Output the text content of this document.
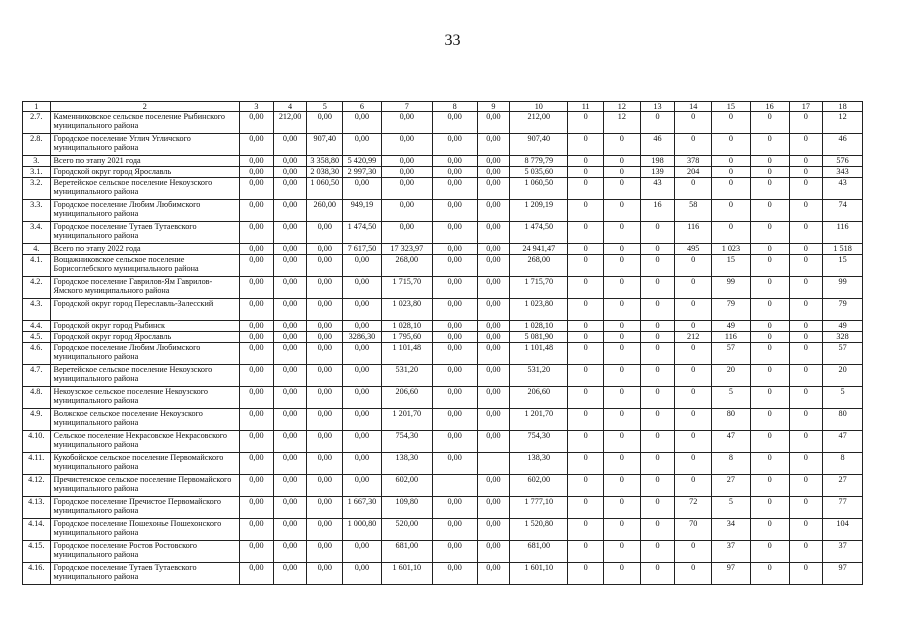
33
1	2	3	4	5	6	7	8	9	10	11	12	13	14	15	16	17	18
2.7.	Каменниковское сельское поселение Рыбинского муниципального района	0,00	212,00	0,00	0,00	0,00	0,00	0,00	212,00	0	12	0	0	0	0	0	12
2.8.	Городское поселение Углич Угличского муниципального района	0,00	0,00	907,40	0,00	0,00	0,00	0,00	907,40	0	0	46	0	0	0	0	46
3.	Всего по этапу 2021 года	0,00	0,00	3 358,80	5 420,99	0,00	0,00	0,00	8 779,79	0	0	198	378	0	0	0	576
3.1.	Городской округ город Ярославль	0,00	0,00	2 038,30	2 997,30	0,00	0,00	0,00	5 035,60	0	0	139	204	0	0	0	343
3.2.	Веретейское сельское поселение Некоузского муниципального района	0,00	0,00	1 060,50	0,00	0,00	0,00	0,00	1 060,50	0	0	43	0	0	0	0	43
3.3.	Городское поселение Любим Любимского муниципального района	0,00	0,00	260,00	949,19	0,00	0,00	0,00	1 209,19	0	0	16	58	0	0	0	74
3.4.	Городское поселение Тутаев Тутаевского муниципального района	0,00	0,00	0,00	1 474,50	0,00	0,00	0,00	1 474,50	0	0	0	116	0	0	0	116
4.	Всего по этапу 2022 года	0,00	0,00	0,00	7 617,50	17 323,97	0,00	0,00	24 941,47	0	0	0	495	1 023	0	0	1 518
4.1.	Вощажниковское сельское поселение Борисоглебского муниципального района	0,00	0,00	0,00	0,00	268,00	0,00	0,00	268,00	0	0	0	0	15	0	0	15
4.2.	Городское поселение Гаврилов-Ям Гаврилов-Ямского муниципального района	0,00	0,00	0,00	0,00	1 715,70	0,00	0,00	1 715,70	0	0	0	0	99	0	0	99
4.3.	Городской округ город Переславль-Залесский	0,00	0,00	0,00	0,00	1 023,80	0,00	0,00	1 023,80	0	0	0	0	79	0	0	79
4.4.	Городской округ город Рыбинск	0,00	0,00	0,00	0,00	1 028,10	0,00	0,00	1 028,10	0	0	0	0	49	0	0	49
4.5.	Городской округ город Ярославль	0,00	0,00	0,00	3286,30	1 795,60	0,00	0,00	5 081,90	0	0	0	212	116	0	0	328
4.6.	Городское поселение Любим Любимского муниципального района	0,00	0,00	0,00	0,00	1 101,48	0,00	0,00	1 101,48	0	0	0	0	57	0	0	57
4.7.	Веретейское сельское поселение Некоузского муниципального района	0,00	0,00	0,00	0,00	531,20	0,00	0,00	531,20	0	0	0	0	20	0	0	20
4.8.	Некоузское сельское поселение Некоузского муниципального района	0,00	0,00	0,00	0,00	206,60	0,00	0,00	206,60	0	0	0	0	5	0	0	5
4.9.	Волжское сельское поселение Некоузского муниципального района	0,00	0,00	0,00	0,00	1 201,70	0,00	0,00	1 201,70	0	0	0	0	80	0	0	80
4.10.	Сельское поселение Некрасовское Некрасовского муниципального района	0,00	0,00	0,00	0,00	754,30	0,00	0,00	754,30	0	0	0	0	47	0	0	47
4.11.	Кукобойское сельское поселение Первомайского муниципального района	0,00	0,00	0,00	0,00	138,30	0,00		138,30	0	0	0	0	8	0	0	8
4.12.	Пречистенское сельское поселение Первомайского муниципального района	0,00	0,00	0,00	0,00	602,00		0,00	602,00	0	0	0	0	27	0	0	27
4.13.	Городское поселение Пречистое Первомайского муниципального района	0,00	0,00	0,00	1 667,30	109,80	0,00	0,00	1 777,10	0	0	0	72	5	0	0	77
4.14.	Городское поселение Пошехонье Пошехонского муниципального района	0,00	0,00	0,00	1 000,80	520,00	0,00	0,00	1 520,80	0	0	0	70	34	0	0	104
4.15.	Городское поселение Ростов Ростовского муниципального района	0,00	0,00	0,00	0,00	681,00	0,00	0,00	681,00	0	0	0	0	37	0	0	37
4.16.	Городское поселение Тутаев Тутаевского муниципального района	0,00	0,00	0,00	0,00	1 601,10	0,00	0,00	1 601,10	0	0	0	0	97	0	0	97
